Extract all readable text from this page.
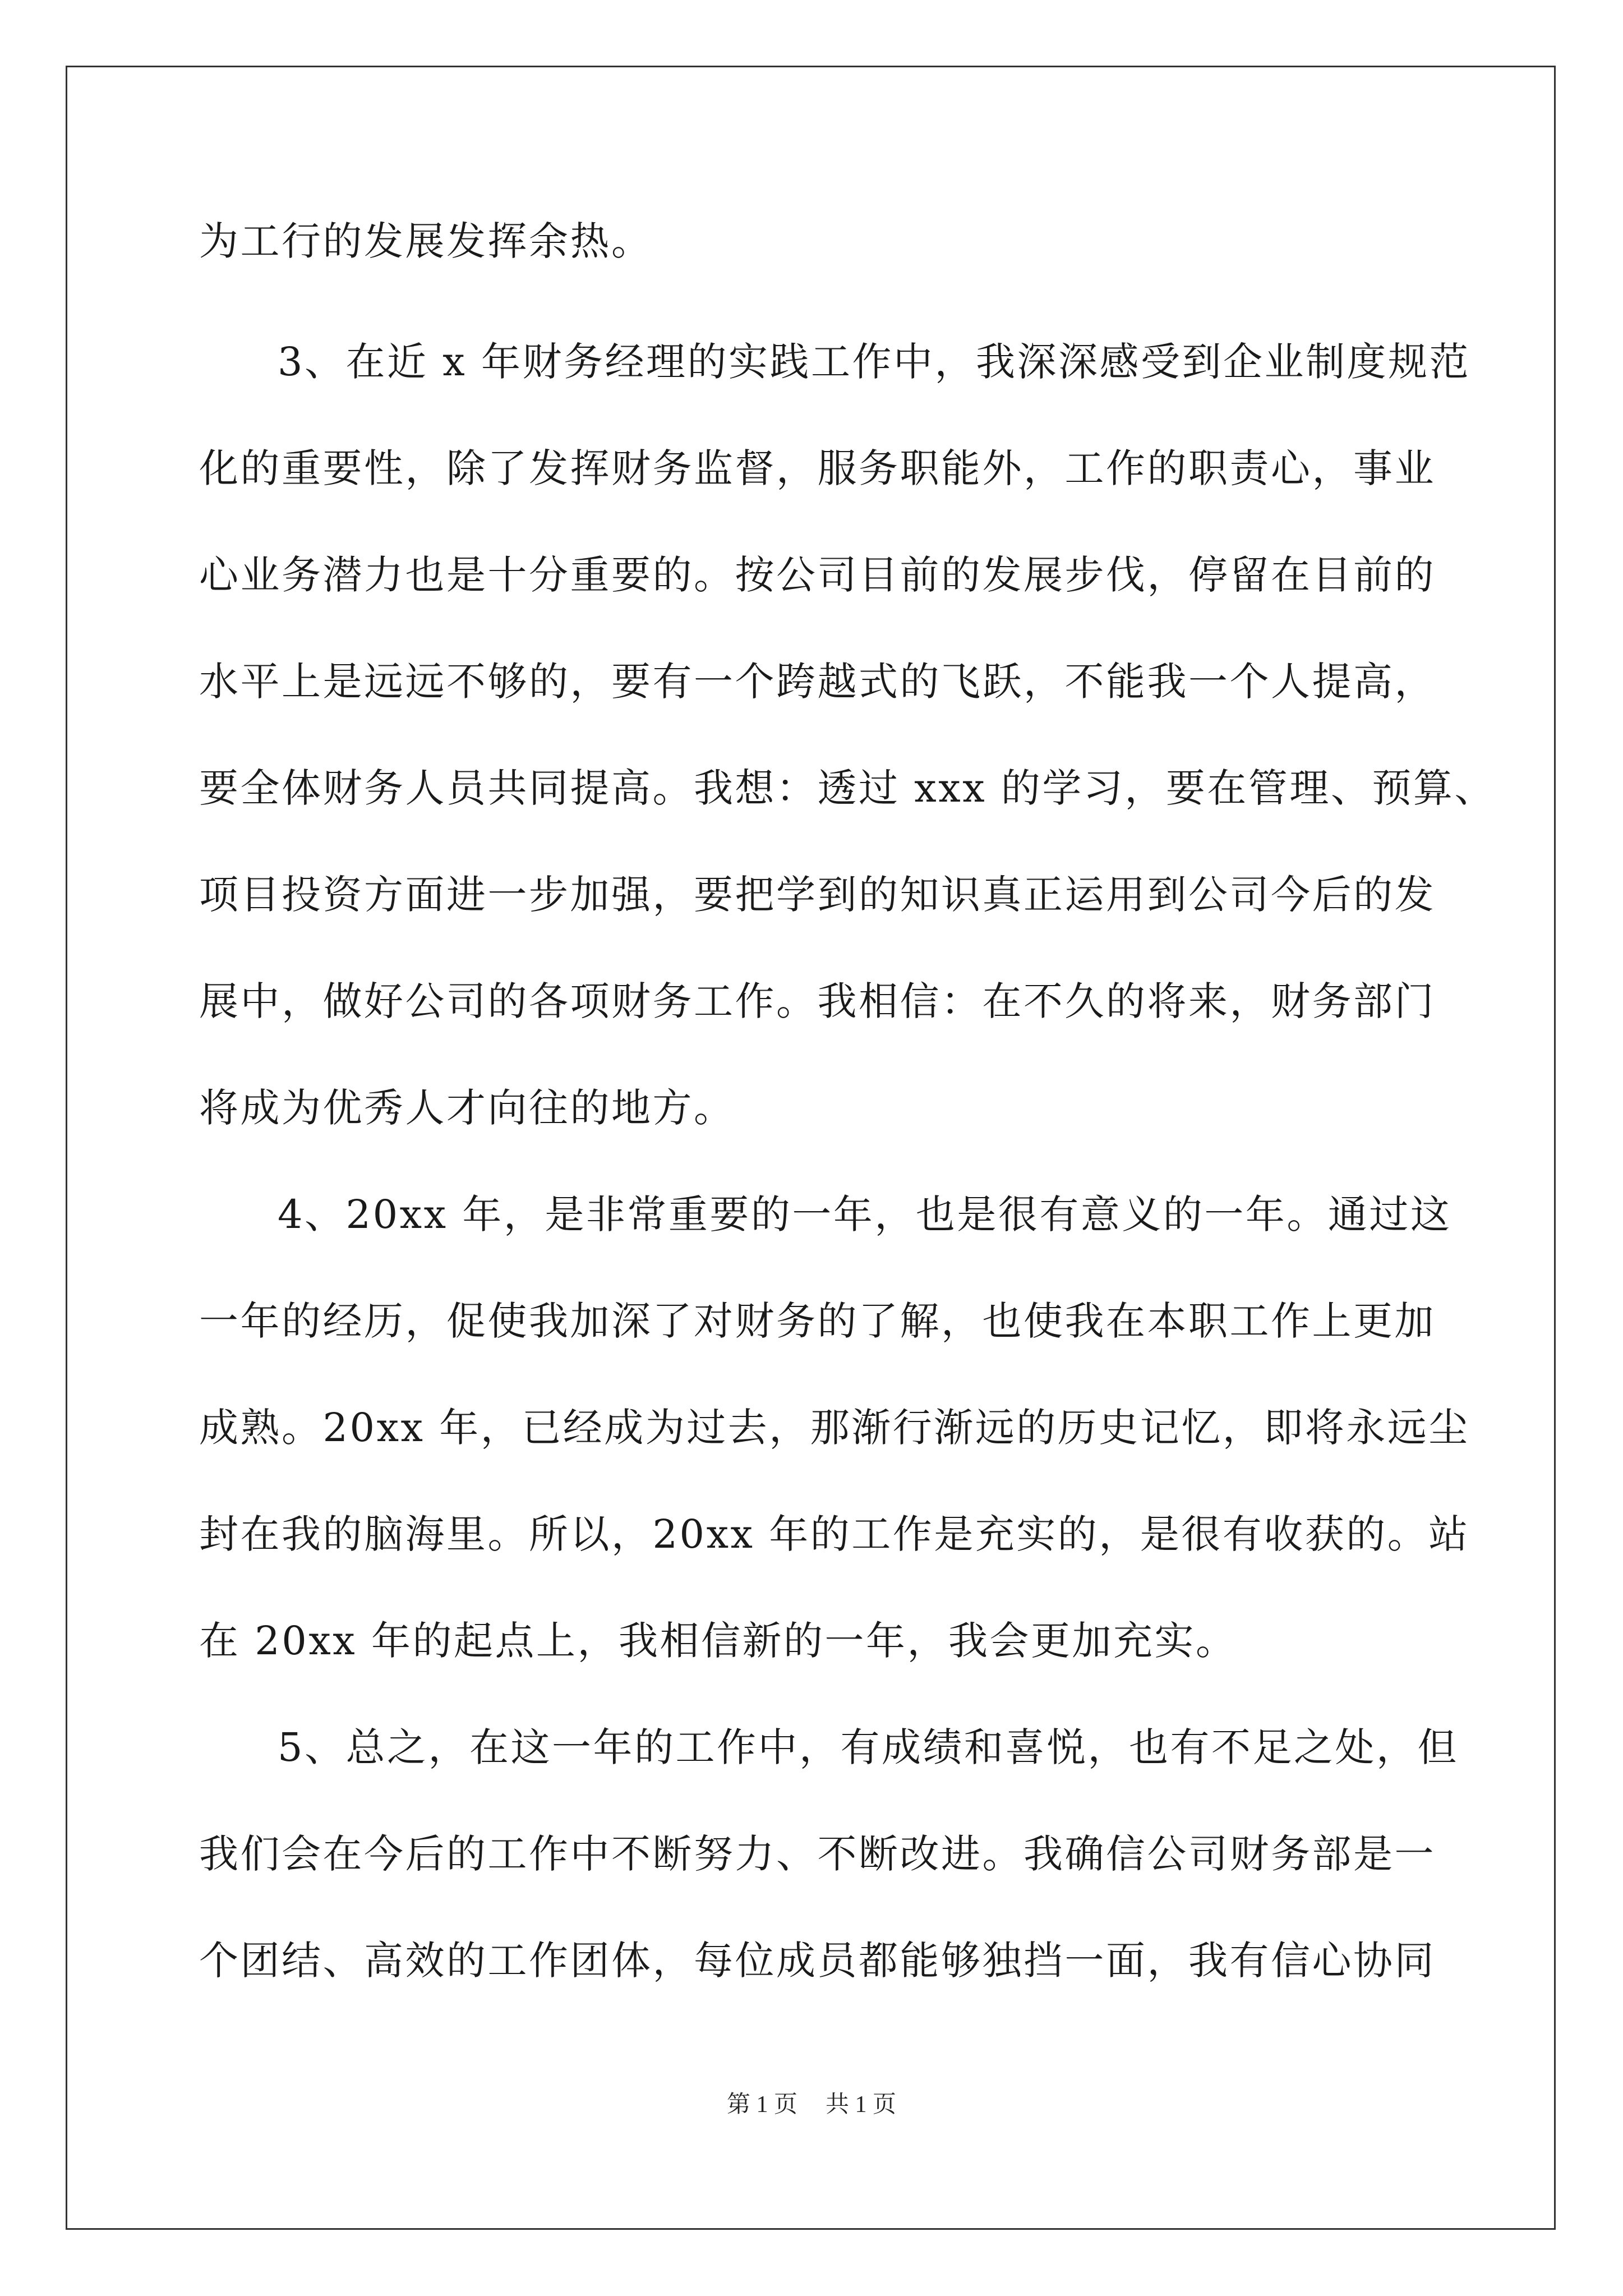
为工行的发展发挥余热。
3、在近 x 年财务经理的实践工作中，我深深感受到企业制度规范
化的重要性，除了发挥财务监督，服务职能外，工作的职责心，事业
心业务潜力也是十分重要的。按公司目前的发展步伐，停留在目前的
水平上是远远不够的，要有一个跨越式的飞跃，不能我一个人提高，
要全体财务人员共同提高。我想：透过 xxx 的学习，要在管理、预算、
项目投资方面进一步加强，要把学到的知识真正运用到公司今后的发
展中，做好公司的各项财务工作。我相信：在不久的将来，财务部门
将成为优秀人才向往的地方。
4、20xx 年，是非常重要的一年，也是很有意义的一年。通过这
一年的经历，促使我加深了对财务的了解，也使我在本职工作上更加
成熟。20xx 年，已经成为过去，那渐行渐远的历史记忆，即将永远尘
封在我的脑海里。所以，20xx 年的工作是充实的，是很有收获的。站
在 20xx 年的起点上，我相信新的一年，我会更加充实。
5、总之，在这一年的工作中，有成绩和喜悦，也有不足之处，但
我们会在今后的工作中不断努力、不断改进。我确信公司财务部是一
个团结、高效的工作团体，每位成员都能够独挡一面，我有信心协同
第 1 页 共 1 页
